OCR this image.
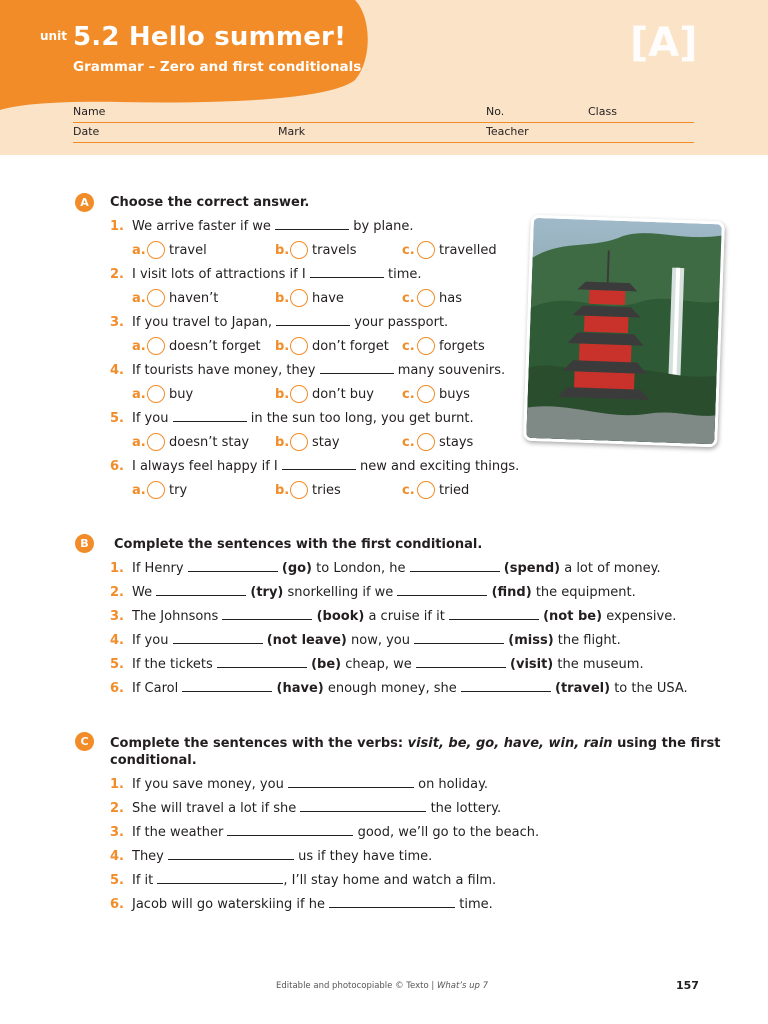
unit 5.2 Hello summer!
Grammar – Zero and first conditionals
[A]
Name	No.	Class
Date	Mark	Teacher
A	Choose the correct answer.
1. We arrive faster if we	by plane.
a. travel	b. travels	c. travelled
2. I visit lots of attractions if I	time.
a. haven’t	b. have	c. has
3. If you travel to Japan,	your passport.
a. doesn’t forget b. don’t forget c. forgets
4. If tourists have money, they	many souvenirs.
a. buy	b. don’t buy c. buys
5. If you	in the sun too long, you get burnt.
a. doesn’t stay b. stay	c. stays
6. I always feel happy if I	new and exciting things.
a. try	b. tries	c. tried
B	Complete the sentences with the first conditional.
1. If Henry	(go) to London, he	(spend) a lot of money.
2. We	(try) snorkelling if we	(find) the equipment.
3. The Johnsons	(book) a cruise if it	(not be) expensive.
4. If you	(not leave) now, you	(miss) the flight.
5. If the tickets	(be) cheap, we	(visit) the museum.
6. If Carol	(have) enough money, she	(travel) to the USA.
C	Complete the sentences with the verbs: visit, be, go, have, win, rain using the first
conditional.
1. If you save money, you	on holiday.
2. She will travel a lot if she	the lottery.
3. If the weather	good, we’ll go to the beach.
4. They	us if they have time.
5. If it	, I’ll stay home and watch a film.
6. Jacob will go waterskiing if he	time.
Editable and photocopiable © Texto | What’s up 7	157
